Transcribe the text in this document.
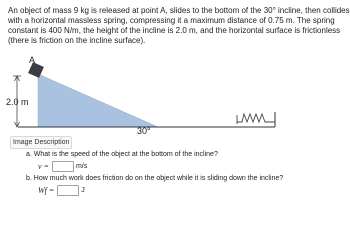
An object of mass 9 kg is released at point A, slides to the bottom of the 30° incline, then collides
with a horizontal massless spring, compressing it a maximum distance of 0.75 m. The spring
constant is 400 N/m, the height of the incline is 2.0 m, and the horizontal surface is frictionless
(there is friction on the incline surface).
A
2.0 m
30°
Image Description
a. What is the speed of the object at the bottom of the incline?
v =	m/s
b. How much work does friction do on the object while it is sliding down the incline?
Wf =	J
